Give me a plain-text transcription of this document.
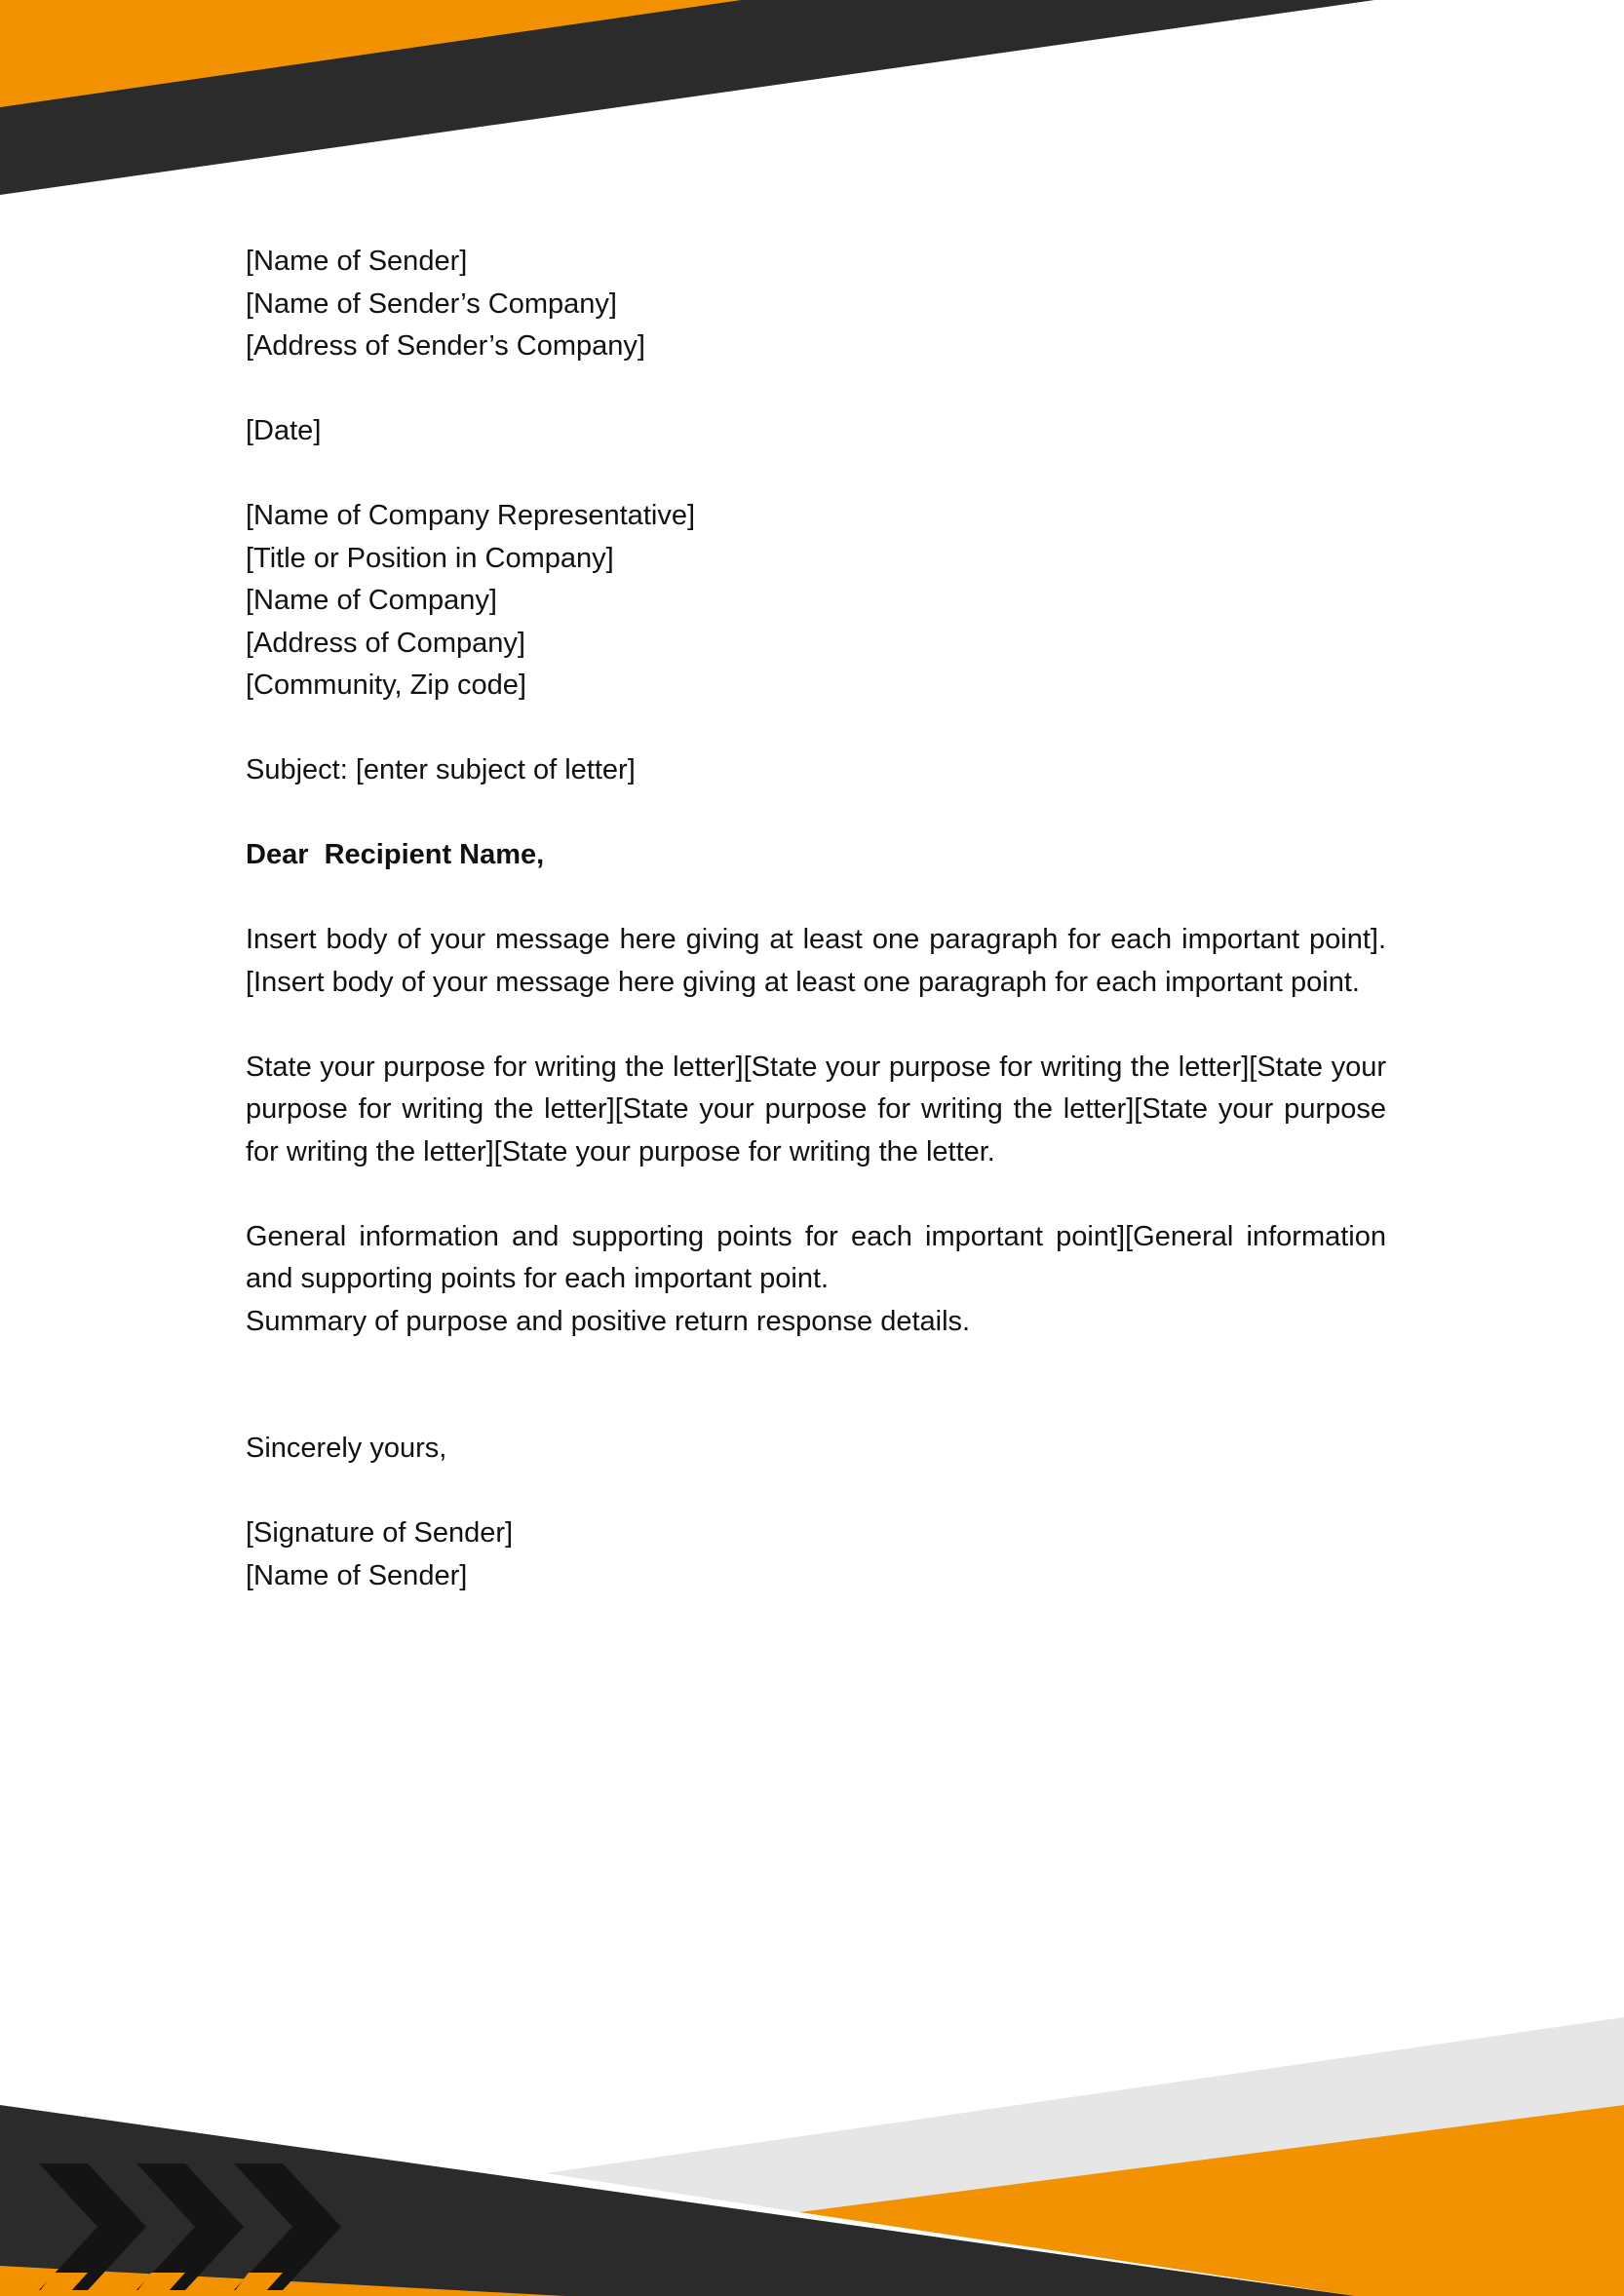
[Name of Sender]
[Name of Sender’s Company]
[Address of Sender’s Company]
[Date]
[Name of Company Representative]
[Title or Position in Company]
[Name of Company]
[Address of Company]
[Community, Zip code]
Subject: [enter subject of letter]
Dear  Recipient Name,

Insert body of your message here giving at least one paragraph for each important point].[Insert body of your message here giving at least one paragraph for each important point.

State your purpose for writing the letter][State your purpose for writing the letter][State your purpose for writing the letter][State your purpose for writing the letter][State your purpose for writing the letter][State your purpose for writing the letter.

General information and supporting points for each important point][General information and supporting points for each important point.

Summary of purpose and positive return response details.

Sincerely yours,
[Signature of Sender]
[Name of Sender]
